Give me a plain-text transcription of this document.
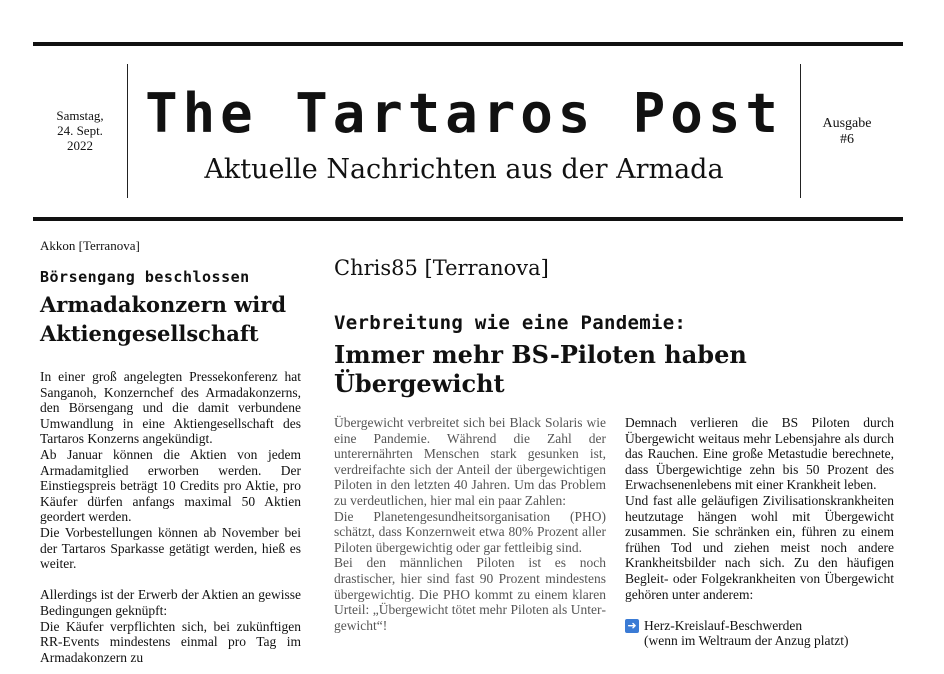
Samstag,
24. Sept.
2022
The Tartaros Post
Aktuelle Nachrichten aus der Armada
Ausgabe
#6
Akkon [Terranova]
Börsengang beschlossen
Armadakonzern wird Aktiengesellschaft

In einer groß angelegten Pressekonferenz hat Sanganoh, Konzernchef des Armadakonzerns, den Börsengang und die damit verbundene Umwandlung in eine Aktiengesellschaft des Tartaros Konzerns angekündigt.

Ab Januar können die Aktien von jedem Armadamitglied erworben werden. Der Einstiegspreis beträgt 10 Credits pro Aktie, pro Käufer dürfen anfangs maximal 50 Aktien geordert werden.

Die Vorbestellungen können ab November bei der Tartaros Sparkasse getätigt werden, hieß es weiter.

Allerdings ist der Erwerb der Aktien an gewisse Bedingungen geknüpft:

Die Käufer verpflichten sich, bei zukünftigen RR-Events mindestens einmal pro Tag im Armadakonzern zu

Chris85 [Terranova]
Verbreitung wie eine Pandemie:
Immer mehr BS-Piloten haben Übergewicht

Übergewicht verbreitet sich bei Black Solaris wie eine Pandemie. Während die Zahl der unterernährten Menschen stark gesunken ist, verdreifachte sich der Anteil der übergewichtigen Piloten in den letzten 40 Jahren. Um das Problem zu verdeutlichen, hier mal ein paar Zahlen:

Die Planetengesundheitsorganisation (PHO) schätzt, dass Konzernweit etwa 80% Prozent aller Piloten übergewichtig oder gar fettleibig sind.

Bei den männlichen Piloten ist es noch drastischer, hier sind fast 90 Prozent mindestens übergewichtig. Die PHO kommt zu einem klaren Urteil: „Übergewicht tötet mehr Piloten als Untergewicht“!

Demnach verlieren die BS Piloten durch Übergewicht weitaus mehr Lebensjahre als durch das Rauchen. Eine große Metastudie berechnete, dass Übergewichtige zehn bis 50 Prozent des Erwachsenenlebens mit einer Krankheit leben.

Und fast alle geläufigen Zivilisationskrankheiten heutzutage hängen wohl mit Übergewicht zusammen. Sie schränken ein, führen zu einem frühen Tod und ziehen meist noch andere Krankheitsbilder nach sich. Zu den häufigen Begleit- oder Folgekrankheiten von Übergewicht gehören unter anderem:

➜ Herz-Kreislauf-Beschwerden
(wenn im Weltraum der Anzug platzt)
